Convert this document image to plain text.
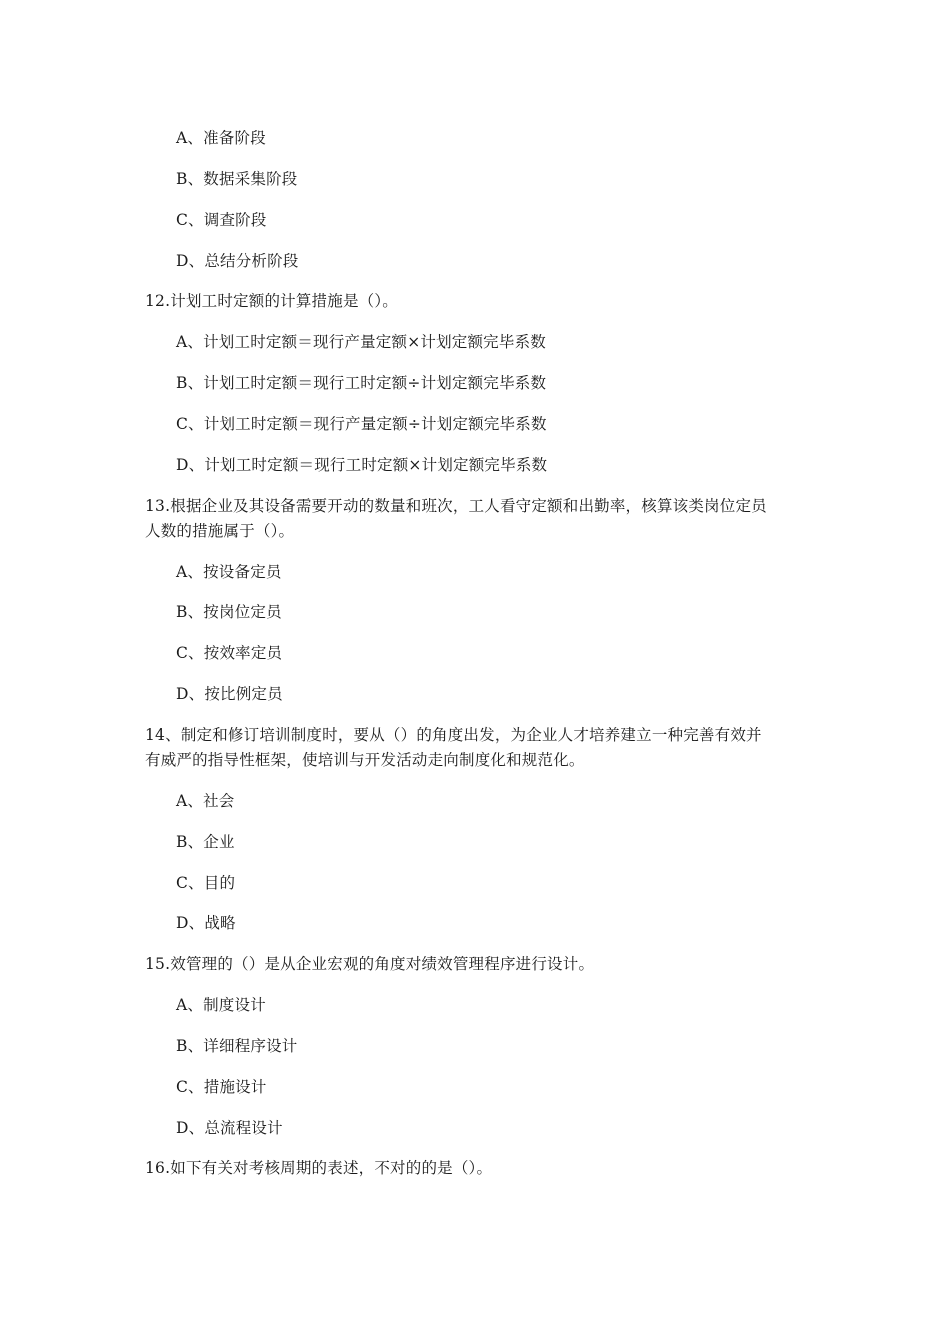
A、准备阶段
B、数据采集阶段
C、调查阶段
D、总结分析阶段
12.计划工时定额的计算措施是（）。
A、计划工时定额＝现行产量定额×计划定额完毕系数
B、计划工时定额＝现行工时定额÷计划定额完毕系数
C、计划工时定额＝现行产量定额÷计划定额完毕系数
D、计划工时定额＝现行工时定额×计划定额完毕系数
13.根据企业及其设备需要开动的数量和班次，工人看守定额和出勤率，核算该类岗位定员
人数的措施属于（）。
A、按设备定员
B、按岗位定员
C、按效率定员
D、按比例定员
14、制定和修订培训制度时，要从（）的角度出发，为企业人才培养建立一种完善有效并
有威严的指导性框架，使培训与开发活动走向制度化和规范化。
A、社会
B、企业
C、目的
D、战略
15.效管理的（）是从企业宏观的角度对绩效管理程序进行设计。
A、制度设计
B、详细程序设计
C、措施设计
D、总流程设计
16.如下有关对考核周期的表述，不对的的是（）。
